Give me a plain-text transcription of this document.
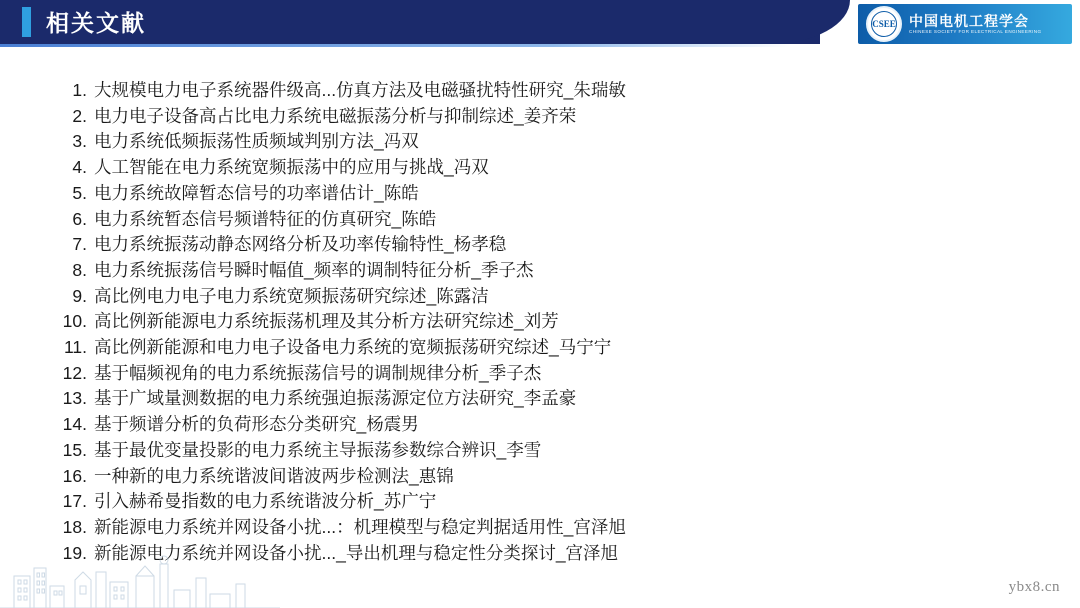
相关文献	CSEE 中国电机工程学会
CHINESE SOCIETY FOR ELECTRICAL ENGINEERING
1. 大规模电力电子系统器件级高...仿真方法及电磁骚扰特性研究_朱瑞敏
2. 电力电子设备高占比电力系统电磁振荡分析与抑制综述_姜齐荣
3. 电力系统低频振荡性质频域判别方法_冯双
4. 人工智能在电力系统宽频振荡中的应用与挑战_冯双
5. 电力系统故障暂态信号的功率谱估计_陈皓
6. 电力系统暂态信号频谱特征的仿真研究_陈皓
7. 电力系统振荡动静态网络分析及功率传输特性_杨孝稳
8. 电力系统振荡信号瞬时幅值_频率的调制特征分析_季子杰
9. 高比例电力电子电力系统宽频振荡研究综述_陈露洁
10. 高比例新能源电力系统振荡机理及其分析方法研究综述_刘芳
11. 高比例新能源和电力电子设备电力系统的宽频振荡研究综述_马宁宁
12. 基于幅频视角的电力系统振荡信号的调制规律分析_季子杰
13. 基于广域量测数据的电力系统强迫振荡源定位方法研究_李孟豪
14. 基于频谱分析的负荷形态分类研究_杨震男
15. 基于最优变量投影的电力系统主导振荡参数综合辨识_李雪
16. 一种新的电力系统谐波间谐波两步检测法_惠锦
17. 引入赫希曼指数的电力系统谐波分析_苏广宁
18. 新能源电力系统并网设备小扰...：机理模型与稳定判据适用性_宫泽旭
19. 新能源电力系统并网设备小扰..._导出机理与稳定性分类探讨_宫泽旭
ybx8.cn
